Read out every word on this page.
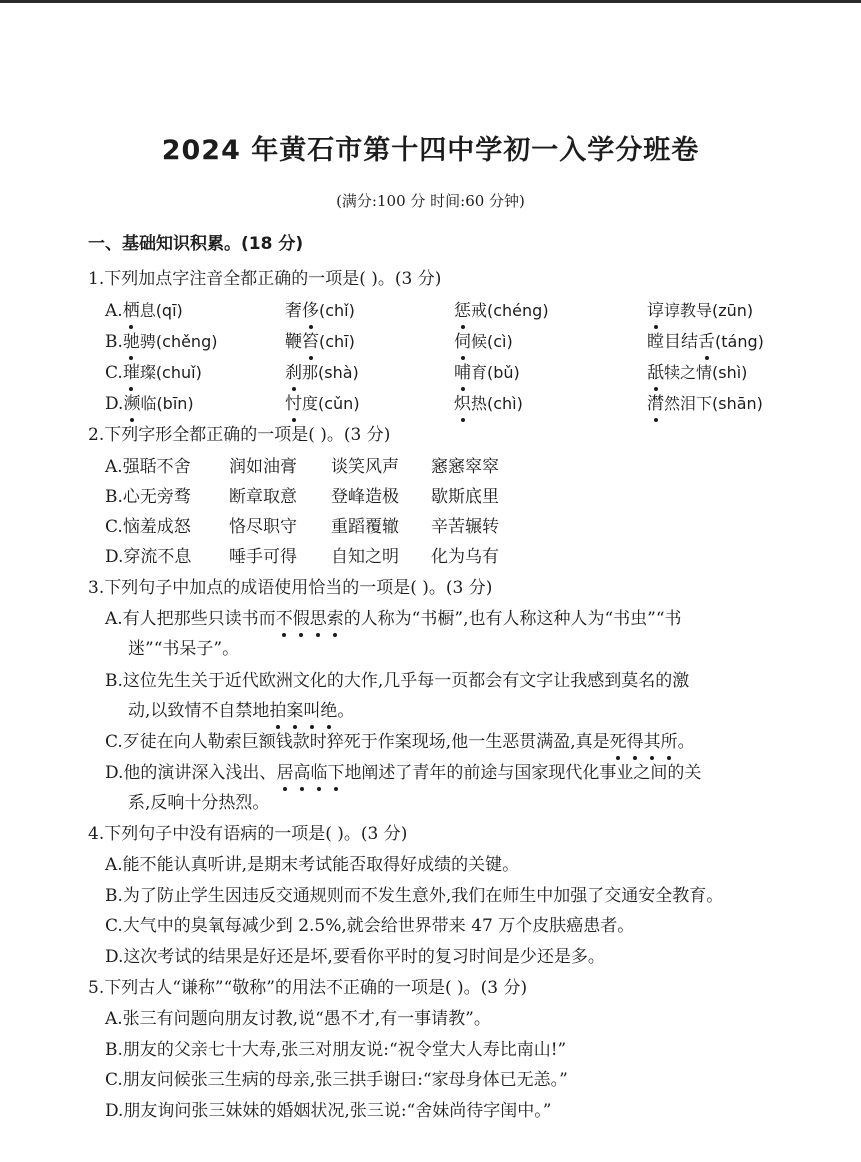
2024 年黄石市第十四中学初一入学分班卷
(满分:100 分 时间:60 分钟)
一、基础知识积累。(18 分)
1.下列加点字注音全都正确的一项是( )。(3 分)
A.栖息(qī)	奢侈(chǐ)	惩戒(chéng)	谆谆教导(zūn)
B.驰骋(chěng)	鞭笞(chī)	伺候(cì)	瞠目结舌(táng)
C.璀璨(chuǐ)	刹那(shà)	哺育(bǔ)	舐犊之情(shì)
D.濒临(bīn)	忖度(cǔn)	炽热(chì)	潸然泪下(shān)
2.下列字形全都正确的一项是( )。(3 分)
A.强聒不舍 润如油膏 谈笑风声 窸窸窣窣
B.心无旁骛 断章取意 登峰造极 歇斯底里
C.恼羞成怒 恪尽职守 重蹈覆辙 辛苦辗转
D.穿流不息 唾手可得 自知之明 化为乌有
3.下列句子中加点的成语使用恰当的一项是( )。(3 分)
A.有人把那些只读书而不假思索的人称为“书橱”,也有人称这种人为“书虫”“书
迷”“书呆子”。
B.这位先生关于近代欧洲文化的大作,几乎每一页都会有文字让我感到莫名的激
动,以致情不自禁地拍案叫绝。
C.歹徒在向人勒索巨额钱款时猝死于作案现场,他一生恶贯满盈,真是死得其所。
D.他的演讲深入浅出、居高临下地阐述了青年的前途与国家现代化事业之间的关
系,反响十分热烈。
4.下列句子中没有语病的一项是( )。(3 分)
A.能不能认真听讲,是期末考试能否取得好成绩的关键。
B.为了防止学生因违反交通规则而不发生意外,我们在师生中加强了交通安全教育。
C.大气中的臭氧每减少到 2.5%,就会给世界带来 47 万个皮肤癌患者。
D.这次考试的结果是好还是坏,要看你平时的复习时间是少还是多。
5.下列古人“谦称”“敬称”的用法不正确的一项是( )。(3 分)
A.张三有问题向朋友讨教,说“愚不才,有一事请教”。
B.朋友的父亲七十大寿,张三对朋友说:“祝令堂大人寿比南山!”
C.朋友问候张三生病的母亲,张三拱手谢曰:“家母身体已无恙。”
D.朋友询问张三妹妹的婚姻状况,张三说:“舍妹尚待字闺中。”
